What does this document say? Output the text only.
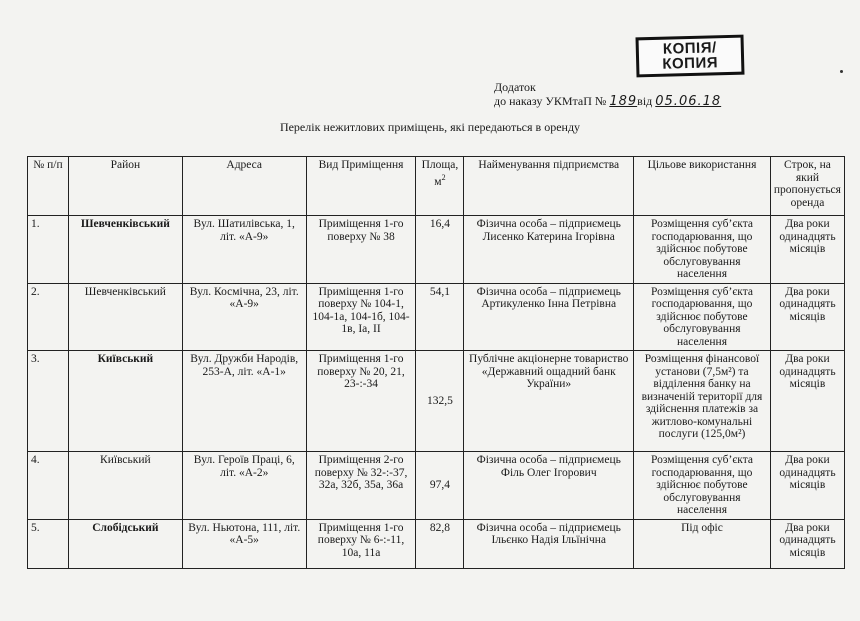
КОПІЯ/
КОПИЯ
Додаток
до наказу УКМтаП № 189від 05.06.18
Перелік нежитлових приміщень, які передаються в оренду
№ п/п	Район	Адреса	Вид Приміщення	Площа, $м^2$	Найменування підприємства	Цільове використання	Строк, на який пропонується оренда
1.	Шевченківський	Вул. Шатилівська, 1, літ. «А-9»	Приміщення 1-го поверху № 38	16,4	Фізична особа – підприємець Лисенко Катерина Ігорівна	Розміщення суб’єкта господарювання, що здійснює побутове обслуговування населення	Два роки одинадцять місяців
2.	Шевченківський	Вул. Космічна, 23, літ. «А-9»	Приміщення 1-го поверху № 104-1, 104-1а, 104-1б, 104-1в, Іа, ІІ	54,1	Фізична особа – підприємець Артикуленко Інна Петрівна	Розміщення суб’єкта господарювання, що здійснює побутове обслуговування населення	Два роки одинадцять місяців
3.	Київський	Вул. Дружби Народів, 253-А, літ. «А-1»	Приміщення 1-го поверху № 20, 21, 23-:-34	132,5	Публічне акціонерне товариство «Державний ощадний банк України»	Розміщення фінансової установи (7,5м²) та відділення банку на визначеній території для здійснення платежів за житлово-комунальні послуги (125,0м²)	Два роки одинадцять місяців
4.	Київський	Вул. Героїв Праці, 6, літ. «А-2»	Приміщення 2-го поверху № 32-:-37, 32а, 32б, 35а, 36а	97,4	Фізична особа – підприємець Філь Олег Ігорович	Розміщення суб’єкта господарювання, що здійснює побутове обслуговування населення	Два роки одинадцять місяців
5.	Слобідський	Вул. Ньютона, 111, літ. «А-5»	Приміщення 1-го поверху № 6-:-11, 10а, 11а	82,8	Фізична особа – підприємець Ільєнко Надія Ільїнічна	Під офіс	Два роки одинадцять місяців
